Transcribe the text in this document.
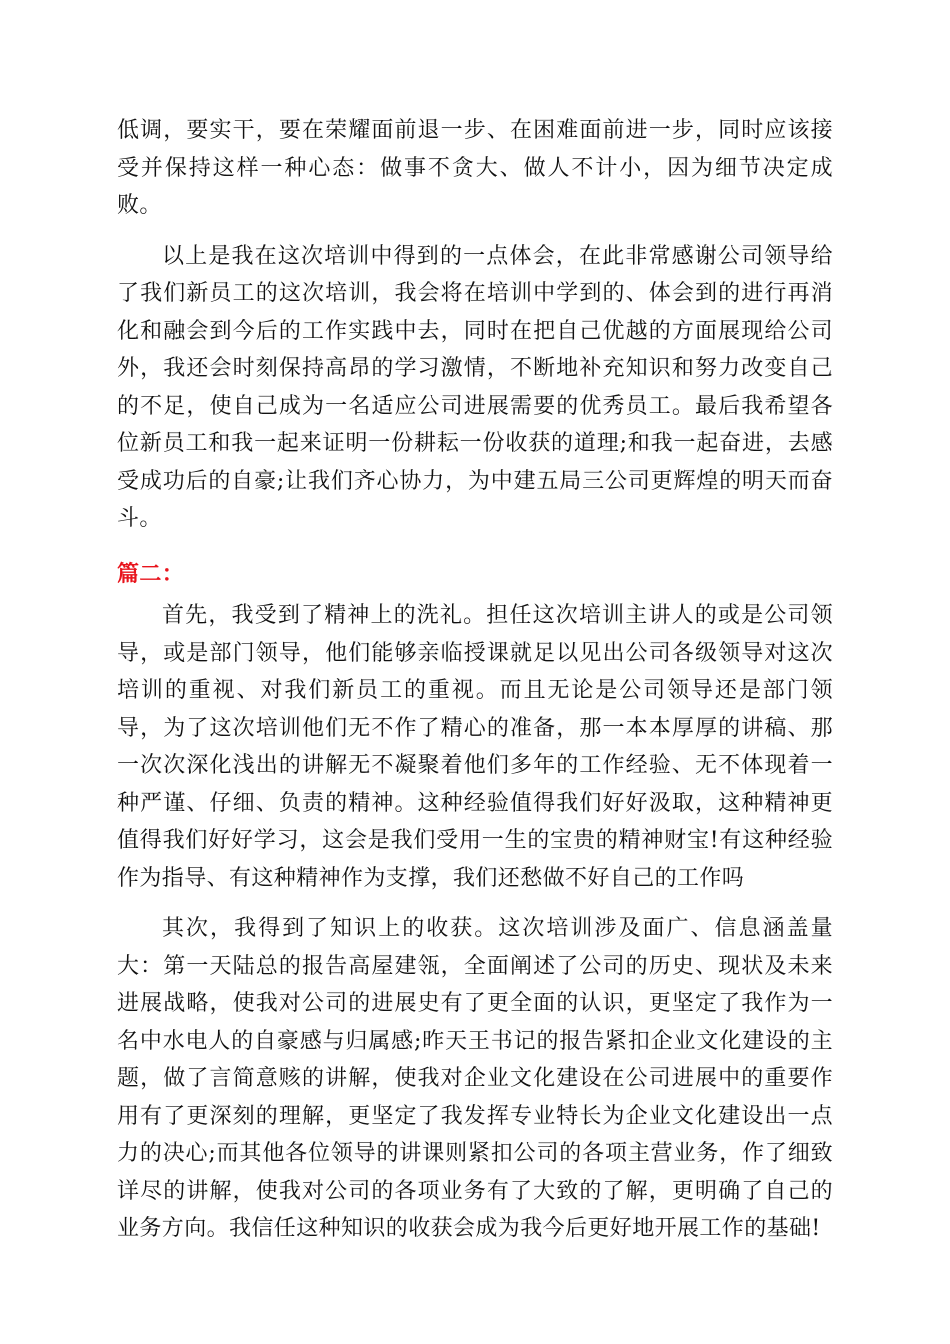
低调，要实干，要在荣耀面前退一步、在困难面前进一步，同时应该接受并保持这样一种心态：做事不贪大、做人不计小，因为细节决定成败。

以上是我在这次培训中得到的一点体会，在此非常感谢公司领导给了我们新员工的这次培训，我会将在培训中学到的、体会到的进行再消化和融会到今后的工作实践中去，同时在把自己优越的方面展现给公司外，我还会时刻保持高昂的学习激情，不断地补充知识和努力改变自己的不足，使自己成为一名适应公司进展需要的优秀员工。最后我希望各位新员工和我一起来证明一份耕耘一份收获的道理;和我一起奋进，去感受成功后的自豪;让我们齐心协力，为中建五局三公司更辉煌的明天而奋斗。

篇二：

首先，我受到了精神上的洗礼。担任这次培训主讲人的或是公司领导，或是部门领导，他们能够亲临授课就足以见出公司各级领导对这次培训的重视、对我们新员工的重视。而且无论是公司领导还是部门领导，为了这次培训他们无不作了精心的准备，那一本本厚厚的讲稿、那一次次深化浅出的讲解无不凝聚着他们多年的工作经验、无不体现着一种严谨、仔细、负责的精神。这种经验值得我们好好汲取，这种精神更值得我们好好学习，这会是我们受用一生的宝贵的精神财宝!有这种经验作为指导、有这种精神作为支撑，我们还愁做不好自己的工作吗

其次，我得到了知识上的收获。这次培训涉及面广、信息涵盖量大：第一天陆总的报告高屋建瓴，全面阐述了公司的历史、现状及未来进展战略，使我对公司的进展史有了更全面的认识，更坚定了我作为一名中水电人的自豪感与归属感;昨天王书记的报告紧扣企业文化建设的主题，做了言简意赅的讲解，使我对企业文化建设在公司进展中的重要作用有了更深刻的理解，更坚定了我发挥专业特长为企业文化建设出一点力的决心;而其他各位领导的讲课则紧扣公司的各项主营业务，作了细致详尽的讲解，使我对公司的各项业务有了大致的了解，更明确了自己的业务方向。我信任这种知识的收获会成为我今后更好地开展工作的基础!
